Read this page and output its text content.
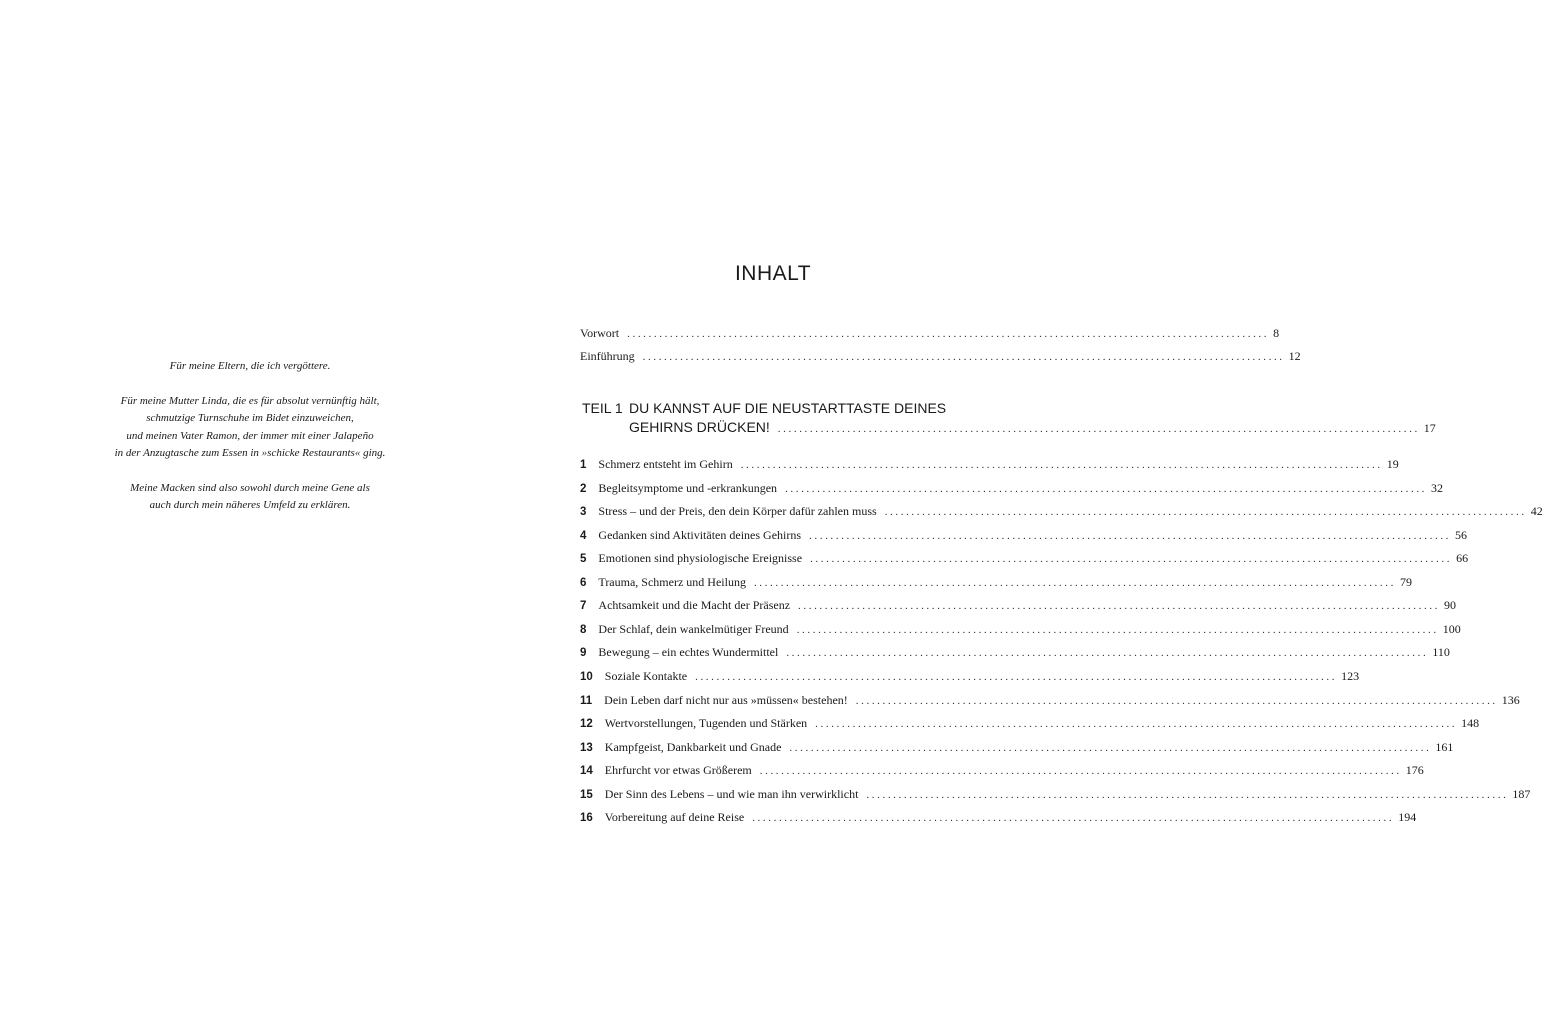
Für meine Eltern, die ich vergöttere.

Für meine Mutter Linda, die es für absolut vernünftig hält,
schmutzige Turnschuhe im Bidet einzuweichen,
und meinen Vater Ramon, der immer mit einer Jalapeño
in der Anzugtasche zum Essen in »schicke Restaurants« ging.

Meine Macken sind also sowohl durch meine Gene als
auch durch mein näheres Umfeld zu erklären.

INHALT
Vorwort ........................................................................................................................ 8
Einführung ........................................................................................................................ 12
TEIL 1 DU KANNST AUF DIE NEUSTARTTASTE DEINES
GEHIRNS DRÜCKEN! ........................................................................................................................ 17
1	Schmerz entsteht im Gehirn ........................................................................................................................ 19
2	Begleitsymptome und -erkrankungen ........................................................................................................................ 32
3	Stress – und der Preis, den dein Körper dafür zahlen muss ........................................................................................................................ 42
4	Gedanken sind Aktivitäten deines Gehirns ........................................................................................................................ 56
5	Emotionen sind physiologische Ereignisse ........................................................................................................................ 66
6	Trauma, Schmerz und Heilung ........................................................................................................................ 79
7	Achtsamkeit und die Macht der Präsenz ........................................................................................................................ 90
8	Der Schlaf, dein wankelmütiger Freund ........................................................................................................................ 100
9	Bewegung – ein echtes Wundermittel ........................................................................................................................ 110
10	Soziale Kontakte ........................................................................................................................ 123
11	Dein Leben darf nicht nur aus »müssen« bestehen! ........................................................................................................................ 136
12	Wertvorstellungen, Tugenden und Stärken ........................................................................................................................ 148
13	Kampfgeist, Dankbarkeit und Gnade ........................................................................................................................ 161
14	Ehrfurcht vor etwas Größerem ........................................................................................................................ 176
15	Der Sinn des Lebens – und wie man ihn verwirklicht ........................................................................................................................ 187
16	Vorbereitung auf deine Reise ........................................................................................................................ 194
